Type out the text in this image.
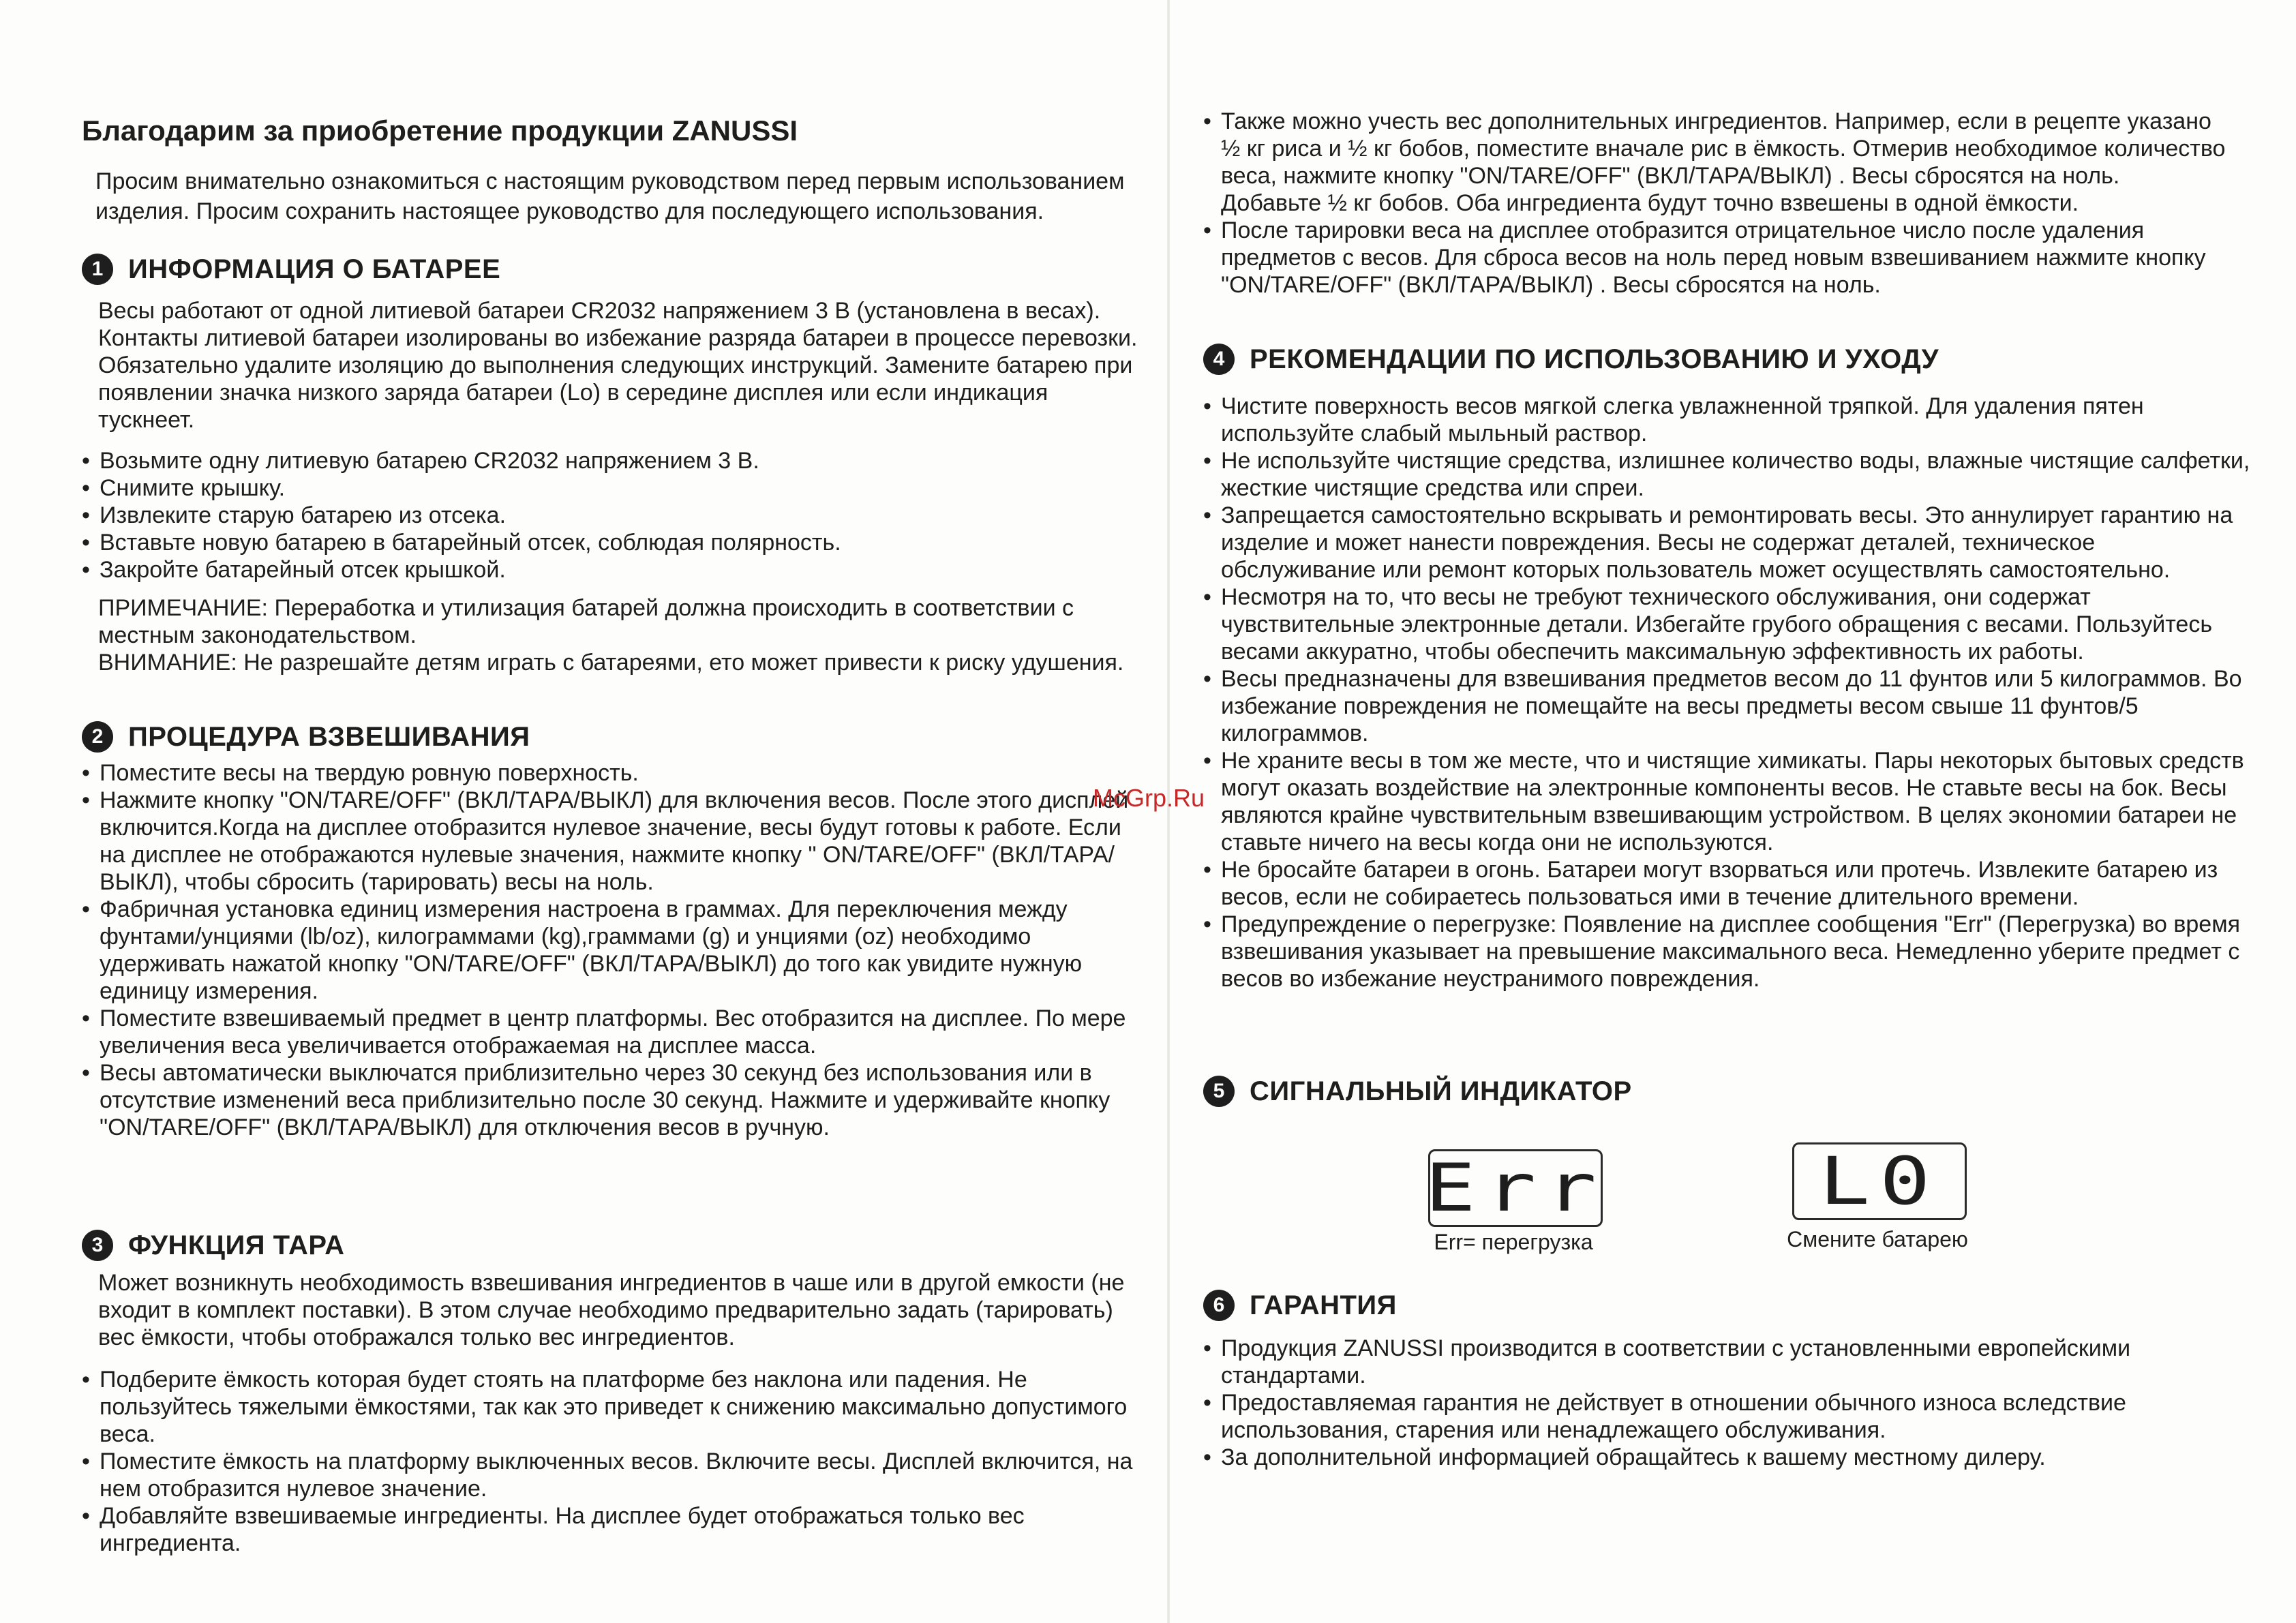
Благодарим за приобретение продукции ZANUSSI

Просим внимательно ознакомиться с настоящим руководством перед первым использованием изделия. Просим сохранить настоящее руководство для последующего использования.

1 ИНФОРМАЦИЯ О БАТАРЕЕ

Весы работают от одной литиевой батареи CR2032 напряжением 3 В (установлена в весах). Контакты литиевой батареи изолированы во избежание разряда батареи в процессе перевозки. Обязательно удалите изоляцию до выполнения следующих инструкций. Замените батарею при появлении значка низкого заряда батареи (Lo) в середине дисплея или если индикация тускнеет.

• Возьмите одну литиевую батарею CR2032 напряжением 3 В.
• Снимите крышку.
• Извлеките старую батарею из отсека.
• Вставьте новую батарею в батарейный отсек, соблюдая полярность.
• Закройте батарейный отсек крышкой.

ПРИМЕЧАНИЕ: Переработка и утилизация батарей должна происходить в соответствии с местным законодательством.

ВНИМАНИЕ: Не разрешайте детям играть с батареями, ето может привести к риску удушения.

2 ПРОЦЕДУРА ВЗВЕШИВАНИЯ
• Поместите весы на твердую ровную поверхность.
• Нажмите кнопку "ON/TARE/OFF" (ВКЛ/ТАРА/ВЫКЛ) для включения весов. После этого дисплей включится.Когда на дисплее отобразится нулевое значение, весы будут готовы к работе. Если на дисплее не отображаются нулевые значения, нажмите кнопку " ON/TARE/OFF" (ВКЛ/ТАРА/ВЫКЛ), чтобы сбросить (тарировать) весы на ноль.
• Фабричная установка единиц измерения настроена в граммах. Для переключения между фунтами/унциями (lb/oz), килограммами (kg),граммами (g) и унциями (oz) необходимо удерживать нажатой кнопку "ON/TARE/OFF" (ВКЛ/ТАРА/ВЫКЛ) до того как увидите нужную единицу измерения.
• Поместите взвешиваемый предмет в центр платформы. Вес отобразится на дисплее. По мере увеличения веса увеличивается отображаемая на дисплее масса.
• Весы автоматически выключатся приблизительно через 30 секунд без использования или в отсутствие изменений веса приблизительно после 30 секунд. Нажмите и удерживайте кнопку "ON/TARE/OFF" (ВКЛ/ТАРА/ВЫКЛ) для отключения весов в ручную.
3 ФУНКЦИЯ ТАРА

Может возникнуть необходимость взвешивания ингредиентов в чаше или в другой емкости (не входит в комплект поставки). В этом случае необходимо предварительно задать (тарировать) вес ёмкости, чтобы отображался только вес ингредиентов.

• Подберите ёмкость которая будет стоять на платформе без наклона или падения. Не пользуйтесь тяжелыми ёмкостями, так как это приведет к снижению максимально допустимого веса.
• Поместите ёмкость на платформу выключенных весов. Включите весы. Дисплей включится, на нем отобразится нулевое значение.
• Добавляйте взвешиваемые ингредиенты. На дисплее будет отображаться только вес ингредиента.

McGrp.Ru

• Также можно учесть вес дополнительных ингредиентов. Например, если в рецепте указано ½ кг риса и ½ кг бобов, поместите вначале рис в ёмкость. Отмерив необходимое количество веса, нажмите кнопку "ON/TARE/OFF" (ВКЛ/ТАРА/ВЫКЛ) . Весы сбросятся на ноль. Добавьте ½ кг бобов. Оба ингредиента будут точно взвешены в одной ёмкости.
• После тарировки веса на дисплее отобразится отрицательное число после удаления предметов с весов. Для сброса весов на ноль перед новым взвешиванием нажмите кнопку "ON/TARE/OFF" (ВКЛ/ТАРА/ВЫКЛ) . Весы сбросятся на ноль.
4 РЕКОМЕНДАЦИИ ПО ИСПОЛЬЗОВАНИЮ И УХОДУ
• Чистите поверхность весов мягкой слегка увлажненной тряпкой. Для удаления пятен используйте слабый мыльный раствор.
• Не используйте чистящие средства, излишнее количество воды, влажные чистящие салфетки, жесткие чистящие средства или спреи.
• Запрещается самостоятельно вскрывать и ремонтировать весы. Это аннулирует гарантию на изделие и может нанести повреждения. Весы не содержат деталей, техническое обслуживание или ремонт которых пользователь может осуществлять самостоятельно.
• Несмотря на то, что весы не требуют технического обслуживания, они содержат чувствительные электронные детали. Избегайте грубого обращения с весами. Пользуйтесь весами аккуратно, чтобы обеспечить максимальную эффективность их работы.
• Весы предназначены для взвешивания предметов весом до 11 фунтов или 5 килограммов. Во избежание повреждения не помещайте на весы предметы весом свыше 11 фунтов/5 килограммов.
• Не храните весы в том же месте, что и чистящие химикаты. Пары некоторых бытовых средств могут оказать воздействие на электронные компоненты весов. Не ставьте весы на бок. Весы являются крайне чувствительным взвешивающим устройством. В целях экономии батареи не ставьте ничего на весы когда они не используются.
• Не бросайте батареи в огонь. Батареи могут взорваться или протечь. Извлеките батарею из весов, если не собираетесь пользоваться ими в течение длительного времени.
• Предупреждение о перегрузке: Появление на дисплее сообщения "Err" (Перегрузка) во время взвешивания указывает на превышение максимального веса. Немедленно уберите предмет с весов во избежание неустранимого повреждения.
5 СИГНАЛЬНЫЙ ИНДИКАТОР
Err

Err= перегрузка

L0

Смените батарею

6 ГАРАНТИЯ
• Продукция ZANUSSI производится в соответствии с установленными европейскими стандартами.
• Предоставляемая гарантия не действует в отношении обычного износа вследствие использования, старения или ненадлежащего обслуживания.
• За дополнительной информацией обращайтесь к вашему местному дилеру.
